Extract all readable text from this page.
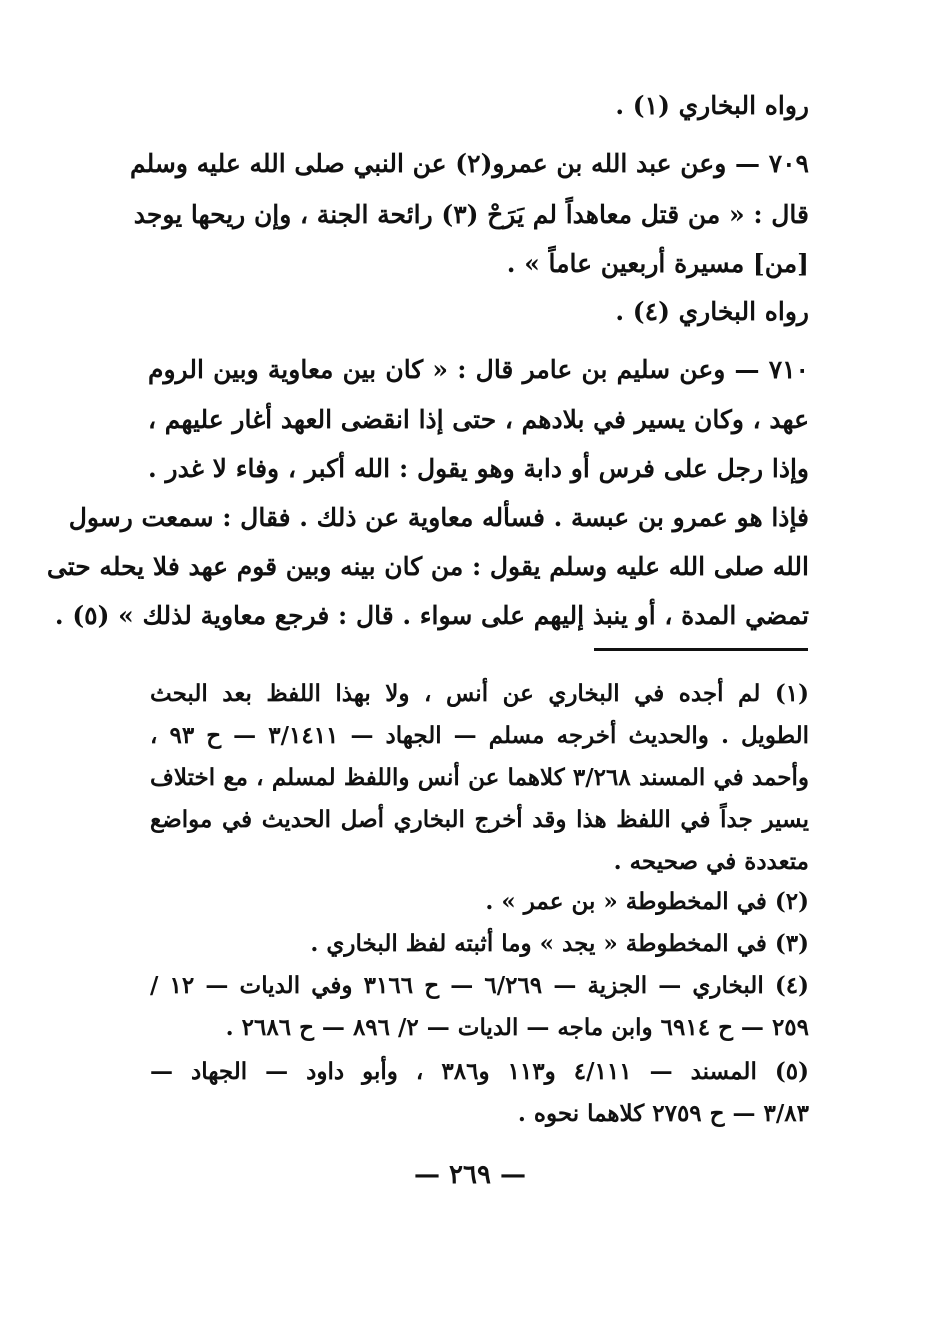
رواه البخاري (١) .
٧٠٩ — وعن عبد الله بن عمرو(٢) عن النبي صلى الله عليه وسلم
قال : « من قتل معاهداً لم يَرَحْ (٣) رائحة الجنة ، وإن ريحها يوجد
[من] مسيرة أربعين عاماً » .
رواه البخاري (٤) .
٧١٠ — وعن سليم بن عامر قال : « كان بين معاوية وبين الروم
عهد ، وكان يسير في بلادهم ، حتى إذا انقضى العهد أغار عليهم ،
وإذا رجل على فرس أو دابة وهو يقول : الله أكبر ، وفاء لا غدر .
فإذا هو عمرو بن عبسة . فسأله معاوية عن ذلك . فقال : سمعت رسول
الله صلى الله عليه وسلم يقول : من كان بينه وبين قوم عهد فلا يحله حتى
تمضي المدة ، أو ينبذ إليهم على سواء . قال : فرجع معاوية لذلك » (٥) .
(١) لم أجده في البخاري عن أنس ، ولا بهذا اللفظ بعد البحث
الطويل . والحديث أخرجه مسلم — الجهاد — ٣/١٤١١ — ح ٩٣ ،
وأحمد في المسند ٣/٢٦٨ كلاهما عن أنس واللفظ لمسلم ، مع اختلاف
يسير جداً في اللفظ هذا وقد أخرج البخاري أصل الحديث في مواضع
متعددة في صحيحه .
(٢) في المخطوطة « بن عمر » .
(٣) في المخطوطة « يجد » وما أثبته لفظ البخاري .
(٤) البخاري — الجزية — ٦/٢٦٩ — ح ٣١٦٦ وفي الديات — ١٢ /
٢٥٩ — ح ٦٩١٤ وابن ماجه — الديات — ٢/ ٨٩٦ — ح ٢٦٨٦ .
(٥) المسند — ٤/١١١ و١١٣ و٣٨٦ ، وأبو داود — الجهاد —
٣/٨٣ — ح ٢٧٥٩ كلاهما نحوه .
— ٢٦٩ —
